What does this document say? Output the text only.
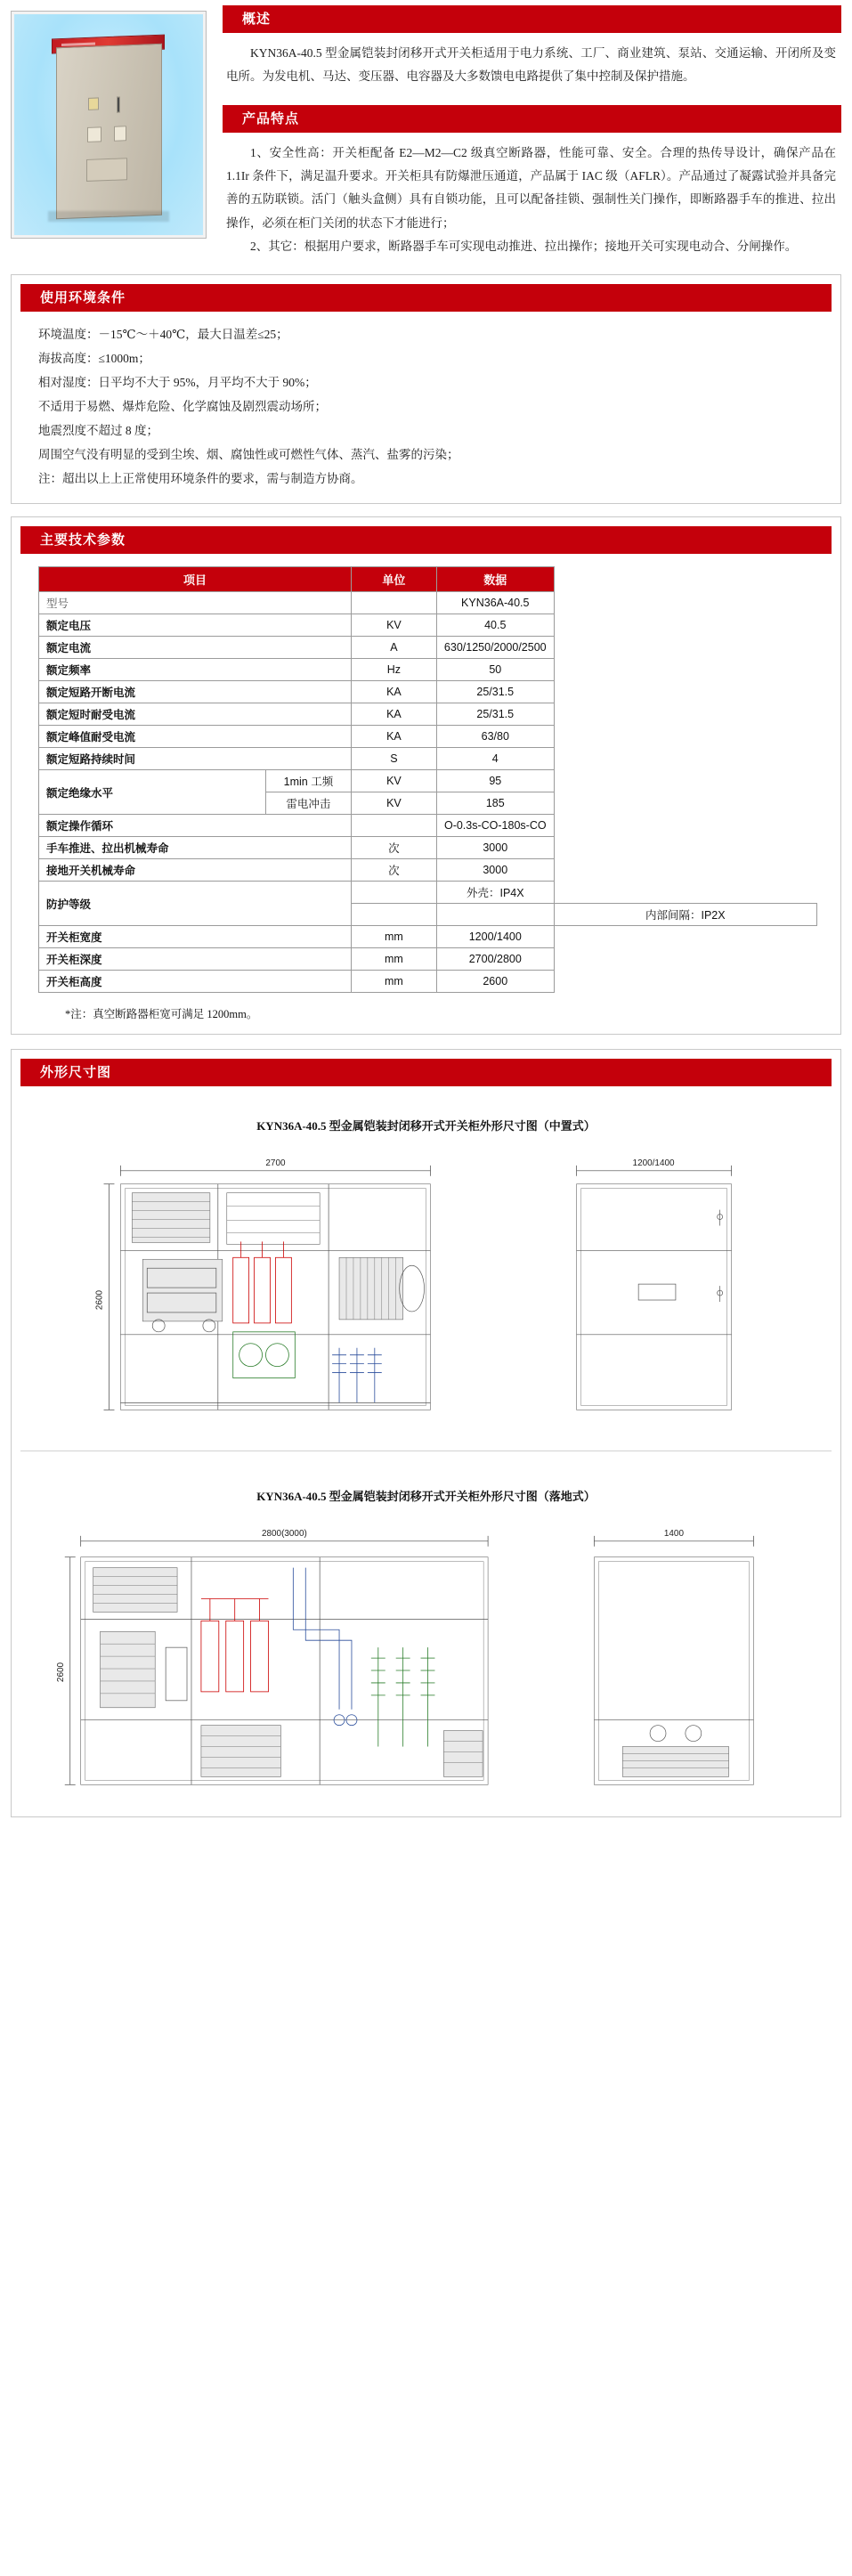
概述

KYN36A-40.5 型金属铠装封闭移开式开关柜适用于电力系统、工厂、商业建筑、泵站、交通运输、开闭所及变电所。为发电机、马达、变压器、电容器及大多数馈电电路提供了集中控制及保护措施。

产品特点

1、安全性高：开关柜配备 E2—M2—C2 级真空断路器，性能可靠、安全。合理的热传导设计，确保产品在 1.1Ir 条件下，满足温升要求。开关柜具有防爆泄压通道，产品属于 IAC 级（AFLR）。产品通过了凝露试验并具备完善的五防联锁。活门（触头盒侧）具有自锁功能，且可以配备挂锁、强制性关门操作，即断路器手车的推进、拉出操作，必须在柜门关闭的状态下才能进行；

2、其它：根据用户要求，断路器手车可实现电动推进、拉出操作；接地开关可实现电动合、分闸操作。

使用环境条件
环境温度：－15℃～＋40℃，最大日温差≤25；
海拔高度：≤1000m；
相对湿度：日平均不大于 95%，月平均不大于 90%；
不适用于易燃、爆炸危险、化学腐蚀及剧烈震动场所；
地震烈度不超过 8 度；
周围空气没有明显的受到尘埃、烟、腐蚀性或可燃性气体、蒸汽、盐雾的污染；
注：超出以上上正常使用环境条件的要求，需与制造方协商。
主要技术参数
项目		单位	数据	
型号			KYN36A-40.5	
额定电压		KV	40.5	
额定电流		A	630/1250/2000/2500	
额定频率		Hz	50	
额定短路开断电流		KA	25/31.5	
额定短时耐受电流		KA	25/31.5	
额定峰值耐受电流		KA	63/80	
额定短路持续时间		S	4	
额定绝缘水平	1min 工频	KV	95	
	雷电冲击	KV	185	
额定操作循环			O-0.3s-CO-180s-CO	
手车推进、拉出机械寿命		次	3000	
接地开关机械寿命		次	3000	
防护等级			外壳：IP4X	
				内部间隔：IP2X
开关柜宽度		mm	1200/1400	
开关柜深度		mm	2700/2800	
开关柜高度		mm	2600	
*注：真空断路器柜宽可满足 1200mm。
外形尺寸图
KYN36A-40.5 型金属铠装封闭移开式开关柜外形尺寸图（中置式）
2700
2600
1200/1400
KYN36A-40.5 型金属铠装封闭移开式开关柜外形尺寸图（落地式）
2800(3000)
2600
1400
